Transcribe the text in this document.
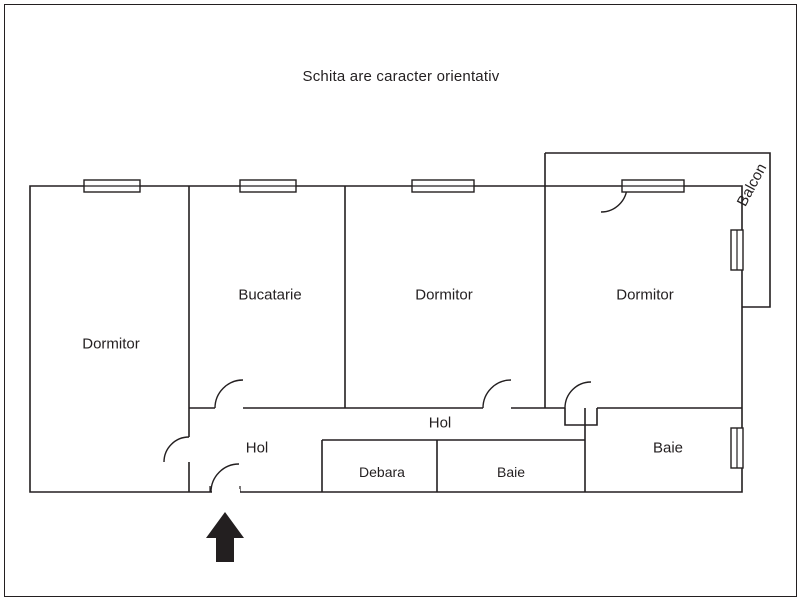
Schita are caracter orientativ
Dormitor
Bucatarie	Dormitor	Dormitor
Hol
Hol
Debara	Baie
Baie
Balcon
